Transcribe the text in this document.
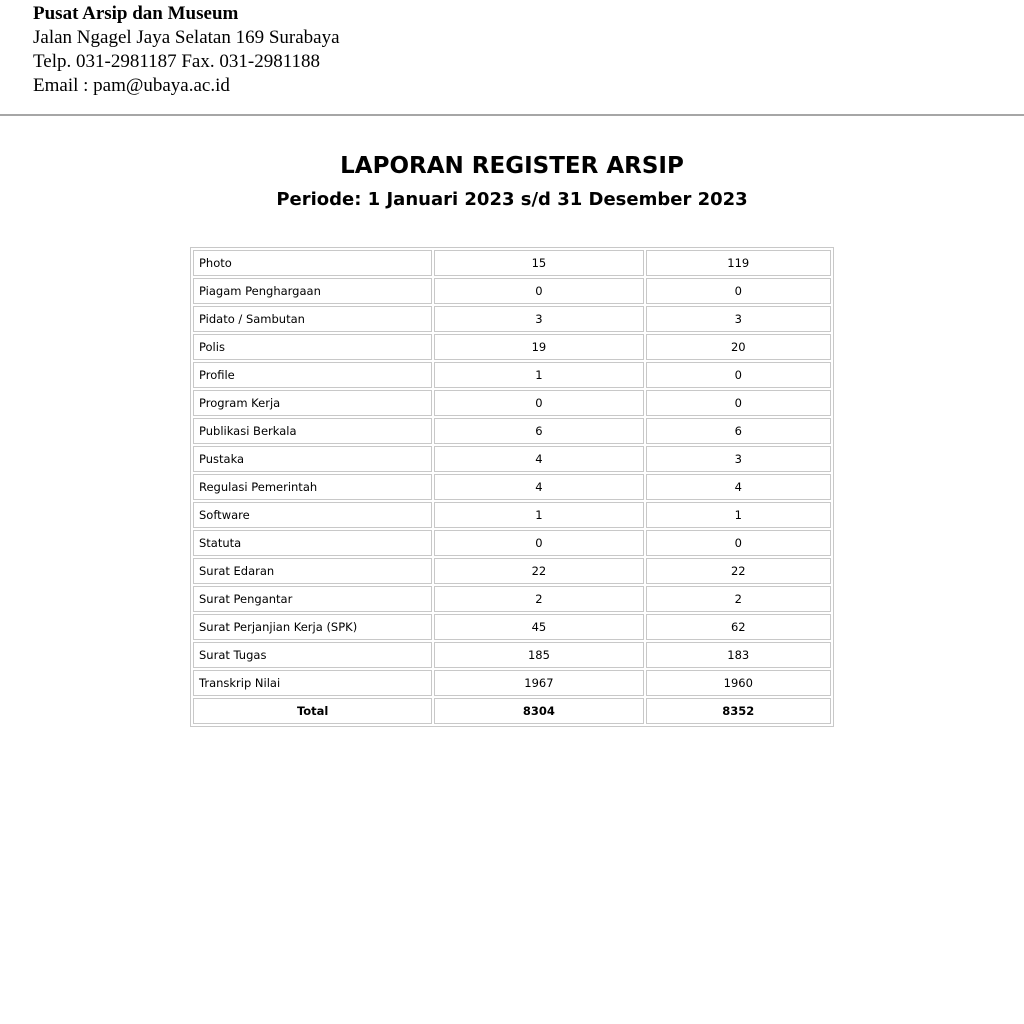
Pusat Arsip dan Museum
Jalan Ngagel Jaya Selatan 169 Surabaya
Telp. 031-2981187 Fax. 031-2981188
Email : pam@ubaya.ac.id
LAPORAN REGISTER ARSIP
Periode: 1 Januari 2023 s/d 31 Desember 2023
Photo	15	119
Piagam Penghargaan	0	0
Pidato / Sambutan	3	3
Polis	19	20
Profile	1	0
Program Kerja	0	0
Publikasi Berkala	6	6
Pustaka	4	3
Regulasi Pemerintah	4	4
Software	1	1
Statuta	0	0
Surat Edaran	22	22
Surat Pengantar	2	2
Surat Perjanjian Kerja (SPK)	45	62
Surat Tugas	185	183
Transkrip Nilai	1967	1960
Total	8304	8352
